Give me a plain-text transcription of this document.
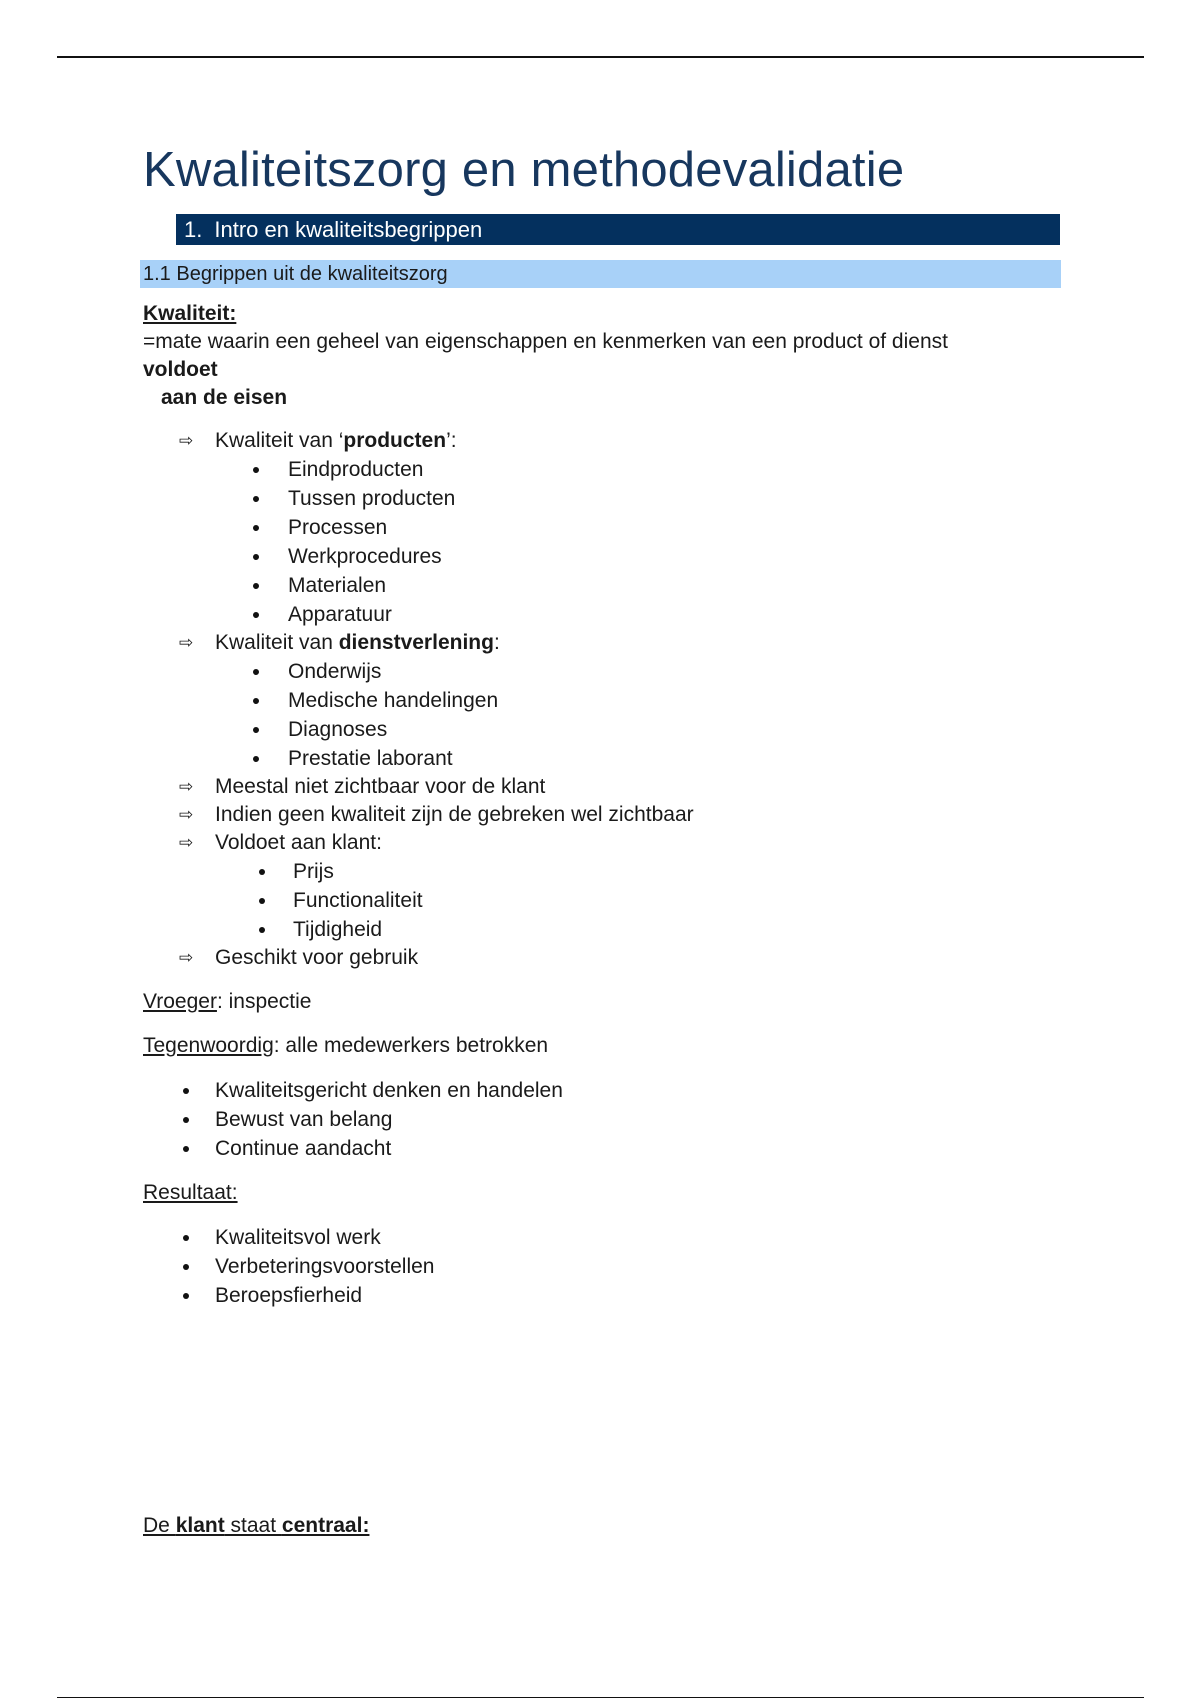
Kwaliteitszorg en methodevalidatie
1. Intro en kwaliteitsbegrippen
1.1 Begrippen uit de kwaliteitszorg

Kwaliteit:

=mate waarin een geheel van eigenschappen en kenmerken van een product of dienst

voldoet

aan de eisen

⇨ Kwaliteit van ‘producten’:
Eindproducten
Tussen producten
Processen
Werkprocedures
Materialen
Apparatuur
⇨ Kwaliteit van dienstverlening:
Onderwijs
Medische handelingen
Diagnoses
Prestatie laborant
⇨ Meestal niet zichtbaar voor de klant
⇨ Indien geen kwaliteit zijn de gebreken wel zichtbaar
⇨ Voldoet aan klant:
Prijs
Functionaliteit
Tijdigheid
⇨ Geschikt voor gebruik

Vroeger: inspectie

Tegenwoordig: alle medewerkers betrokken

Kwaliteitsgericht denken en handelen
Bewust van belang
Continue aandacht

Resultaat:

Kwaliteitsvol werk
Verbeteringsvoorstellen
Beroepsfierheid

De klant staat centraal:
